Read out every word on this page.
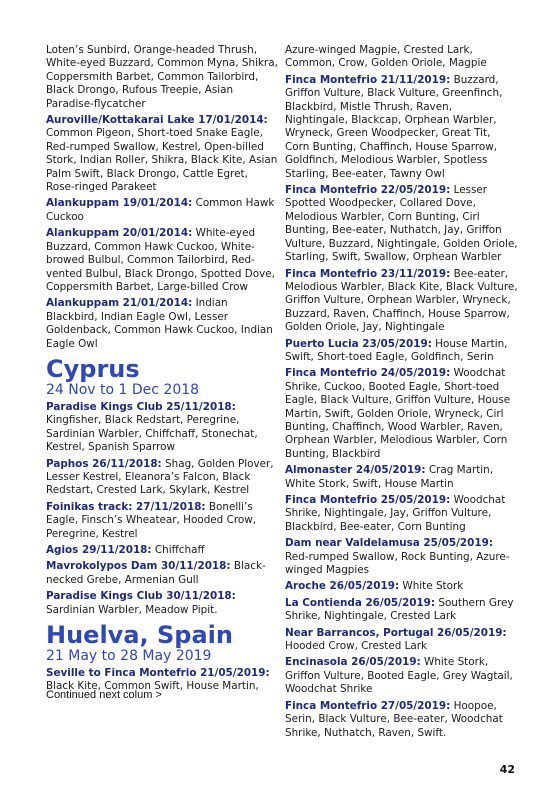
Loten’s Sunbird, Orange-headed Thrush, White-eyed Buzzard, Common Myna, Shikra, Coppersmith Barbet, Common Tailorbird, Black Drongo, Rufous Treepie, Asian Paradise-flycatcher

Auroville/Kottakarai Lake 17/01/2014: Common Pigeon, Short-toed Snake Eagle, Red-rumped Swallow, Kestrel, Open-billed Stork, Indian Roller, Shikra, Black Kite, Asian Palm Swift, Black Drongo, Cattle Egret, Rose-ringed Parakeet

Alankuppam 19/01/2014: Common Hawk Cuckoo

Alankuppam 20/01/2014: White-eyed Buzzard, Common Hawk Cuckoo, White-browed Bulbul, Common Tailorbird, Red-vented Bulbul, Black Drongo, Spotted Dove, Coppersmith Barbet, Large-billed Crow

Alankuppam 21/01/2014: Indian Blackbird, Indian Eagle Owl, Lesser Goldenback, Common Hawk Cuckoo, Indian Eagle Owl

Cyprus
24 Nov to 1 Dec 2018

Paradise Kings Club 25/11/2018: Kingfisher, Black Redstart, Peregrine, Sardinian Warbler, Chiffchaff, Stonechat, Kestrel, Spanish Sparrow

Paphos 26/11/2018: Shag, Golden Plover, Lesser Kestrel, Eleanora’s Falcon, Black Redstart, Crested Lark, Skylark, Kestrel

Foinikas track: 27/11/2018: Bonelli’s Eagle, Finsch’s Wheatear, Hooded Crow, Peregrine, Kestrel

Agios 29/11/2018: Chiffchaff

Mavrokolypos Dam 30/11/2018: Black-necked Grebe, Armenian Gull

Paradise Kings Club 30/11/2018: Sardinian Warbler, Meadow Pipit.

Huelva, Spain
21 May to 28 May 2019

Seville to Finca Montefrio 21/05/2019: Black Kite, Common Swift, House Martin,

Azure-winged Magpie, Crested Lark, Common, Crow, Golden Oriole, Magpie

Finca Montefrio 21/11/2019: Buzzard, Griffon Vulture, Black Vulture, Greenfinch, Blackbird, Mistle Thrush, Raven, Nightingale, Blackcap, Orphean Warbler, Wryneck, Green Woodpecker, Great Tit, Corn Bunting, Chaffinch, House Sparrow, Goldfinch, Melodious Warbler, Spotless Starling, Bee-eater, Tawny Owl

Finca Montefrio 22/05/2019: Lesser Spotted Woodpecker, Collared Dove, Melodious Warbler, Corn Bunting, Cirl Bunting, Bee-eater, Nuthatch, Jay, Griffon Vulture, Buzzard, Nightingale, Golden Oriole, Starling, Swift, Swallow, Orphean Warbler

Finca Montefrio 23/11/2019: Bee-eater, Melodious Warbler, Black Kite, Black Vulture, Griffon Vulture, Orphean Warbler, Wryneck, Buzzard, Raven, Chaffinch, House Sparrow, Golden Oriole, Jay, Nightingale

Puerto Lucia 23/05/2019: House Martin, Swift, Short-toed Eagle, Goldfinch, Serin

Finca Montefrio 24/05/2019: Woodchat Shrike, Cuckoo, Booted Eagle, Short-toed Eagle, Black Vulture, Griffon Vulture, House Martin, Swift, Golden Oriole, Wryneck, Cirl Bunting, Chaffinch, Wood Warbler, Raven, Orphean Warbler, Melodious Warbler, Corn Bunting, Blackbird

Almonaster 24/05/2019: Crag Martin, White Stork, Swift, House Martin

Finca Montefrio 25/05/2019: Woodchat Shrike, Nightingale, Jay, Griffon Vulture, Blackbird, Bee-eater, Corn Bunting

Dam near Valdelamusa 25/05/2019: Red-rumped Swallow, Rock Bunting, Azure-winged Magpies

Aroche 26/05/2019: White Stork

La Contienda 26/05/2019: Southern Grey Shrike, Nightingale, Crested Lark

Near Barrancos, Portugal 26/05/2019: Hooded Crow, Crested Lark

Encinasola 26/05/2019: White Stork, Griffon Vulture, Booted Eagle, Grey Wagtail, Woodchat Shrike

Finca Montefrio 27/05/2019: Hoopoe, Serin, Black Vulture, Bee-eater, Woodchat Shrike, Nuthatch, Raven, Swift.

Continued next colum >
42
